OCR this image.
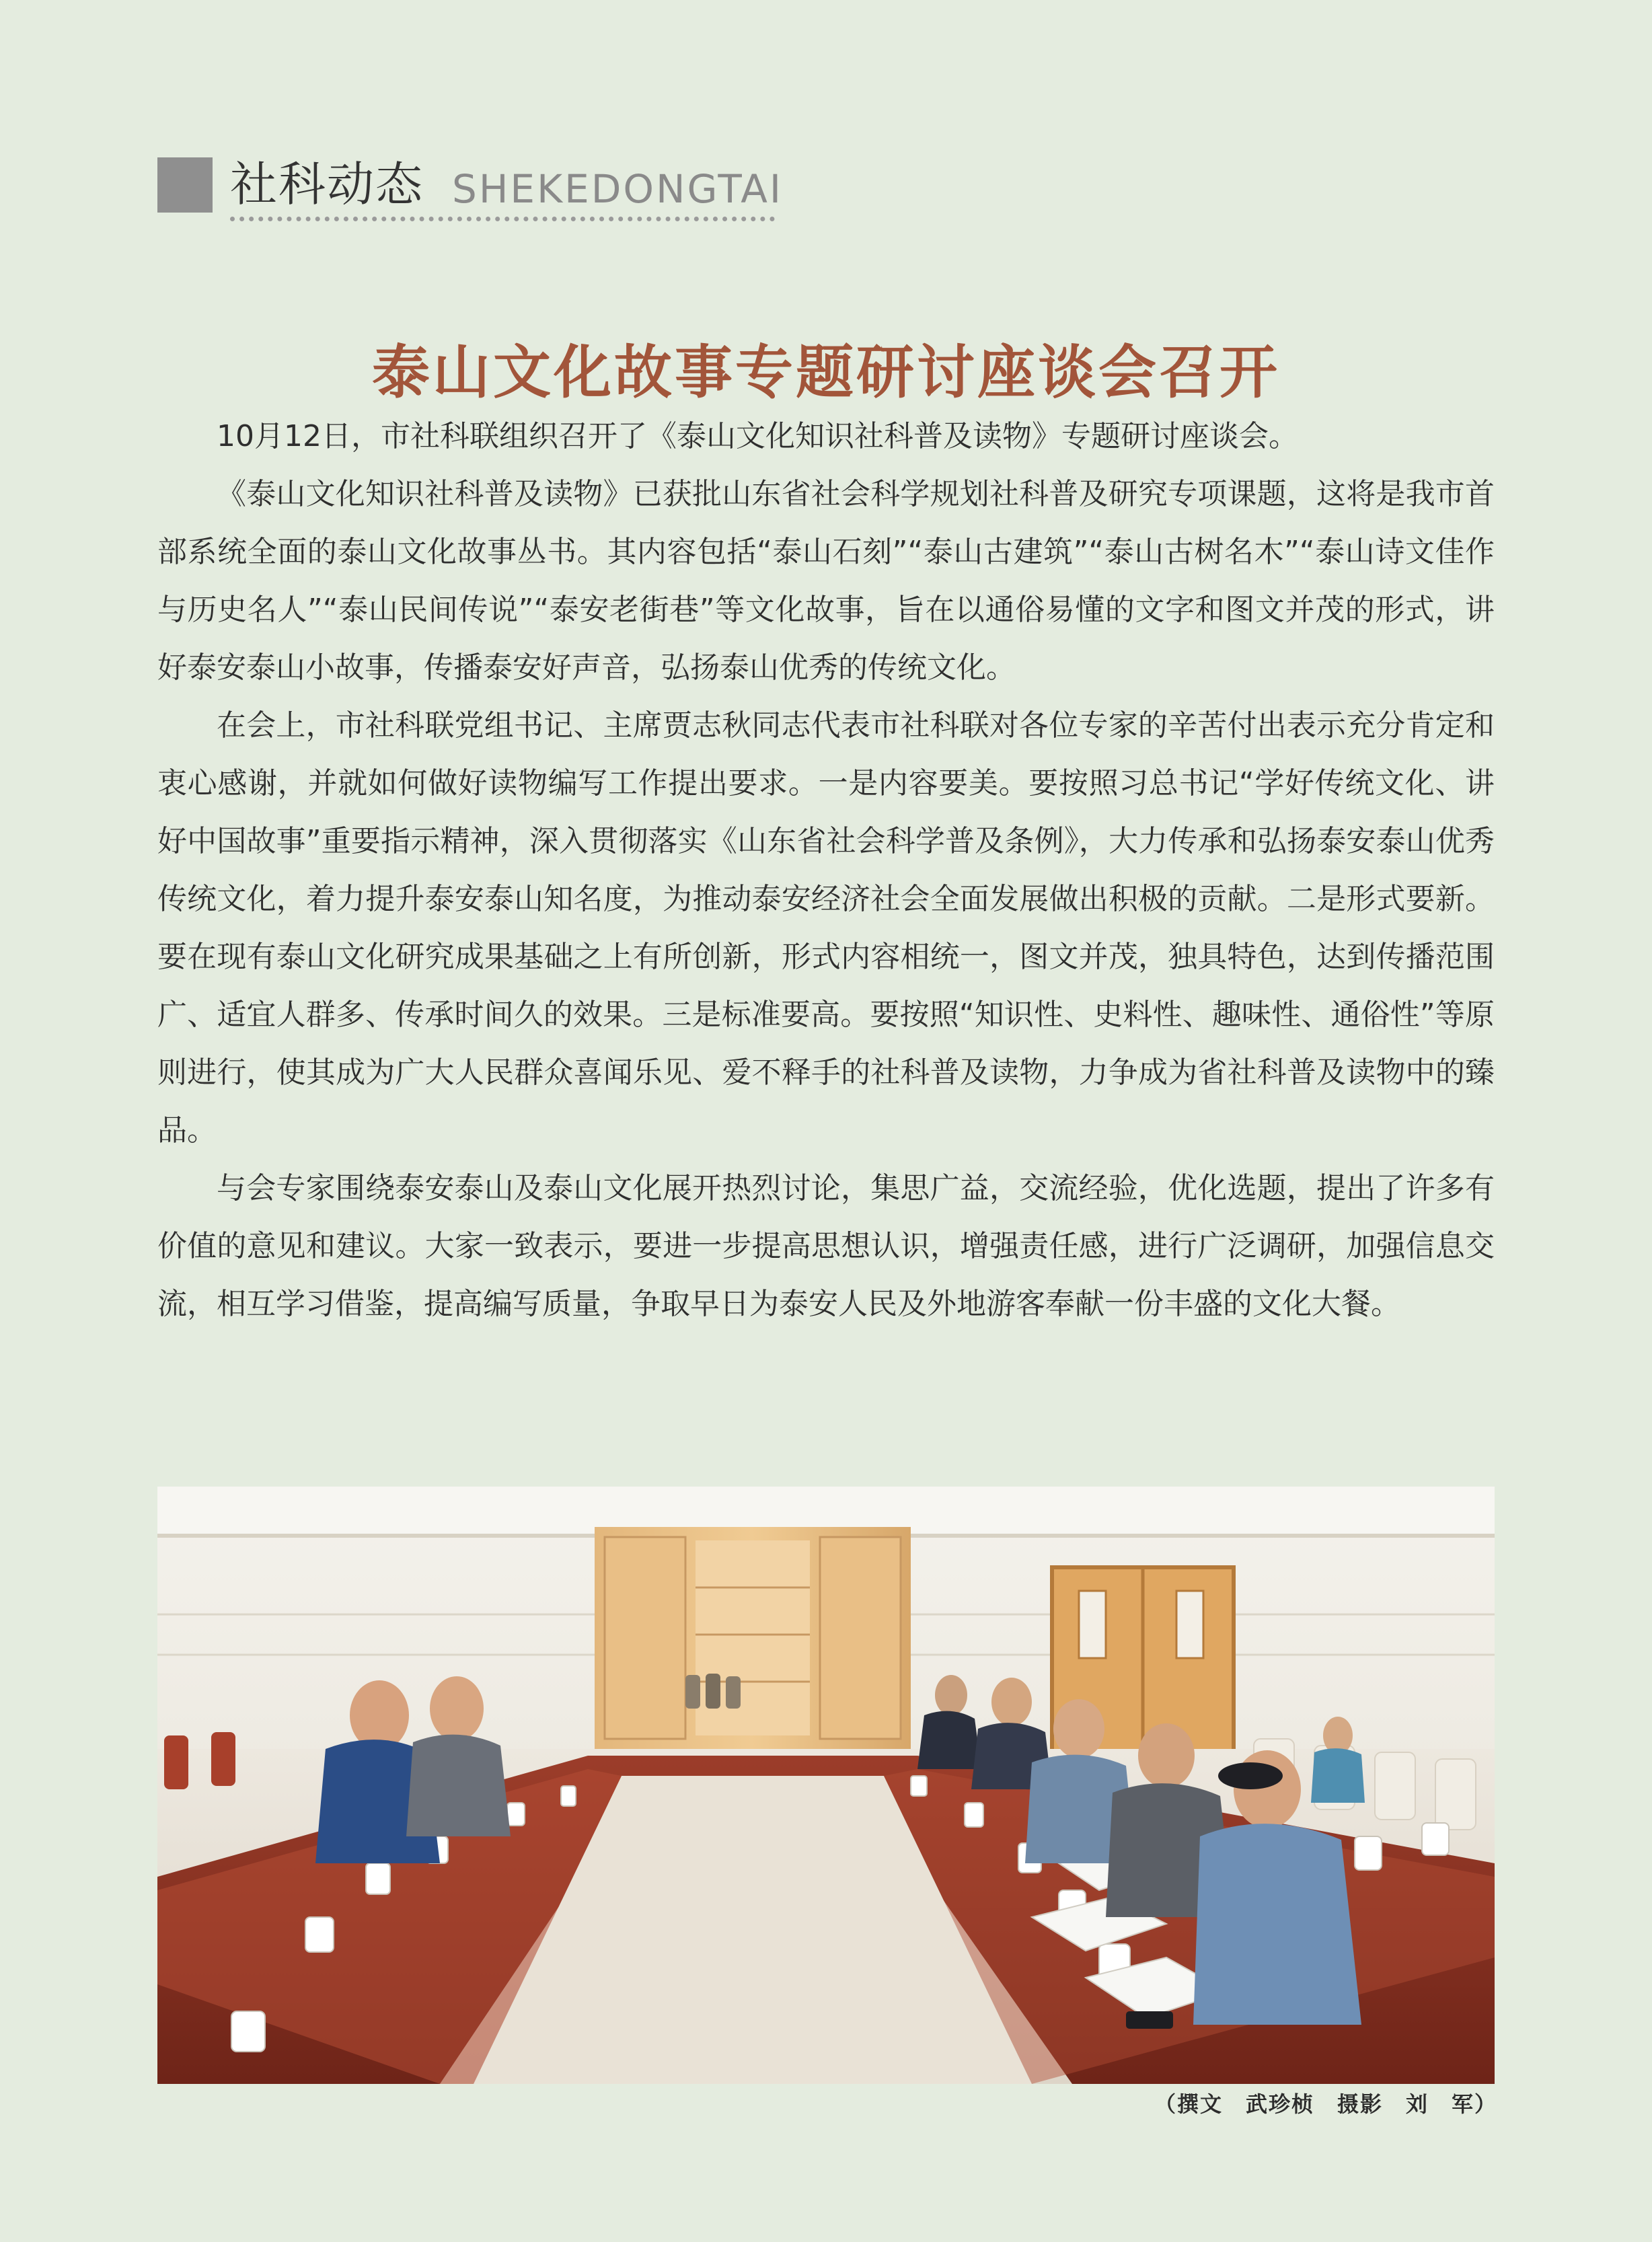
社科动态 SHEKEDONGTAI
泰山文化故事专题研讨座谈会召开

10月12日，市社科联组织召开了《泰山文化知识社科普及读物》专题研讨座谈会。

《泰山文化知识社科普及读物》已获批山东省社会科学规划社科普及研究专项课题，这将是我市首部系统全面的泰山文化故事丛书。其内容包括“泰山石刻”“泰山古建筑”“泰山古树名木”“泰山诗文佳作与历史名人”“泰山民间传说”“泰安老街巷”等文化故事，旨在以通俗易懂的文字和图文并茂的形式，讲好泰安泰山小故事，传播泰安好声音，弘扬泰山优秀的传统文化。

在会上，市社科联党组书记、主席贾志秋同志代表市社科联对各位专家的辛苦付出表示充分肯定和衷心感谢，并就如何做好读物编写工作提出要求。一是内容要美。要按照习总书记“学好传统文化、讲好中国故事”重要指示精神，深入贯彻落实《山东省社会科学普及条例》，大力传承和弘扬泰安泰山优秀传统文化，着力提升泰安泰山知名度，为推动泰安经济社会全面发展做出积极的贡献。二是形式要新。要在现有泰山文化研究成果基础之上有所创新，形式内容相统一，图文并茂，独具特色，达到传播范围广、适宜人群多、传承时间久的效果。三是标准要高。要按照“知识性、史料性、趣味性、通俗性”等原则进行，使其成为广大人民群众喜闻乐见、爱不释手的社科普及读物，力争成为省社科普及读物中的臻品。

与会专家围绕泰安泰山及泰山文化展开热烈讨论，集思广益，交流经验，优化选题，提出了许多有价值的意见和建议。大家一致表示，要进一步提高思想认识，增强责任感，进行广泛调研，加强信息交流，相互学习借鉴，提高编写质量，争取早日为泰安人民及外地游客奉献一份丰盛的文化大餐。

（撰文　武珍桢　摄影　刘　军）
